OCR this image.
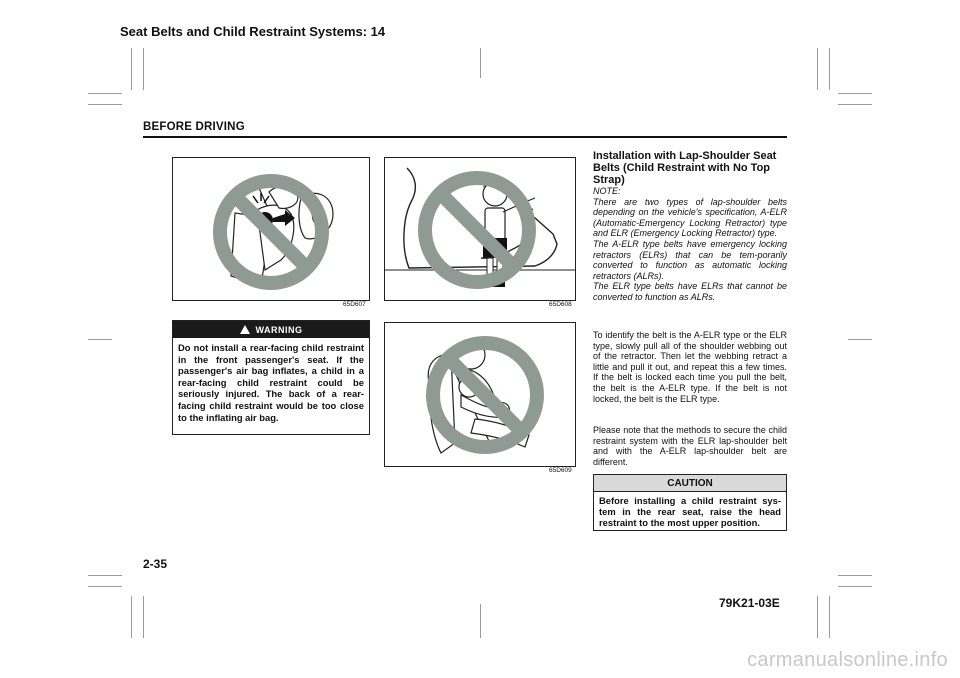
Seat Belts and Child Restraint Systems: 14
BEFORE DRIVING
65D607	65D608
65D609
WARNING
Do not install a rear-facing child restraint in the front passenger's seat. If the passenger's air bag inflates, a child in a rear-facing child restraint could be seriously injured. The back of a rear-facing child restraint would be too close to the inflating air bag.
Installation with Lap-Shoulder Seat Belts (Child Restraint with No Top Strap)

NOTE:

There are two types of lap-shoulder belts depending on the vehicle's specification, A-ELR (Automatic-Emergency Locking Retractor) type and ELR (Emergency Locking Retractor) type.

The A-ELR type belts have emergency locking retractors (ELRs) that can be tem-porarily converted to function as automatic locking retractors (ALRs).

The ELR type belts have ELRs that cannot be converted to function as ALRs.

To identify the belt is the A-ELR type or the ELR type, slowly pull all of the shoulder webbing out of the retractor. Then let the webbing retract a little and pull it out, and repeat this a few times. If the belt is locked each time you pull the belt, the belt is the A-ELR type. If the belt is not locked, the belt is the ELR type.

Please note that the methods to secure the child restraint system with the ELR lap-shoulder belt and with the A-ELR lap-shoulder belt are different.

CAUTION
Before installing a child restraint sys-tem in the rear seat, raise the head restraint to the most upper position.
2-35
79K21-03E
carmanualsonline.info
